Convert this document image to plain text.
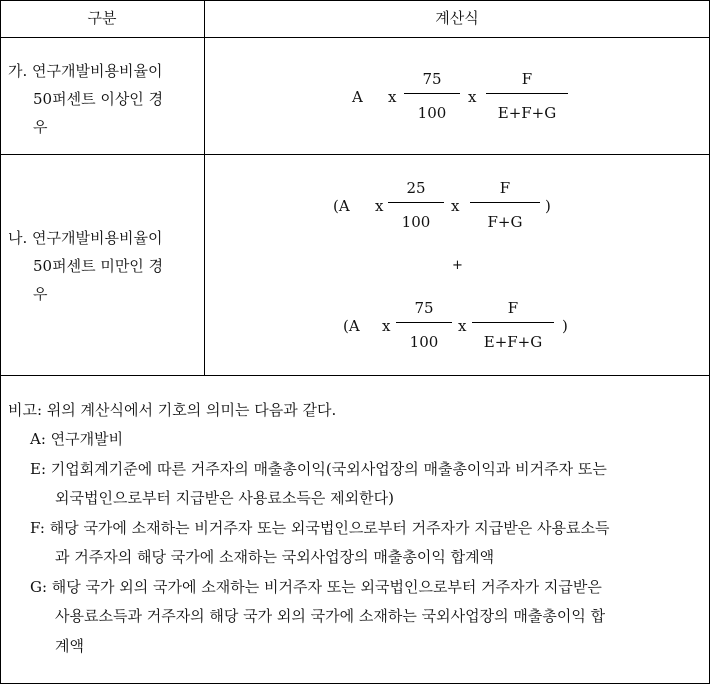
구분	계산식
가. 연구개발비용비율이
50퍼센트 이상인 경
우
A x
75
100
x
F
E+F+G
나. 연구개발비용비율이
50퍼센트 미만인 경
우
(A x
25
100
x
F
F+G
)
+
(A x
75
100
x
F
E+F+G
)
비고: 위의 계산식에서 기호의 의미는 다음과 같다.
A: 연구개발비
E: 기업회계기준에 따른 거주자의 매출총이익(국외사업장의 매출총이익과 비거주자 또는
외국법인으로부터 지급받은 사용료소득은 제외한다)
F: 해당 국가에 소재하는 비거주자 또는 외국법인으로부터 거주자가 지급받은 사용료소득
과 거주자의 해당 국가에 소재하는 국외사업장의 매출총이익 합계액
G: 해당 국가 외의 국가에 소재하는 비거주자 또는 외국법인으로부터 거주자가 지급받은
사용료소득과 거주자의 해당 국가 외의 국가에 소재하는 국외사업장의 매출총이익 합
계액
